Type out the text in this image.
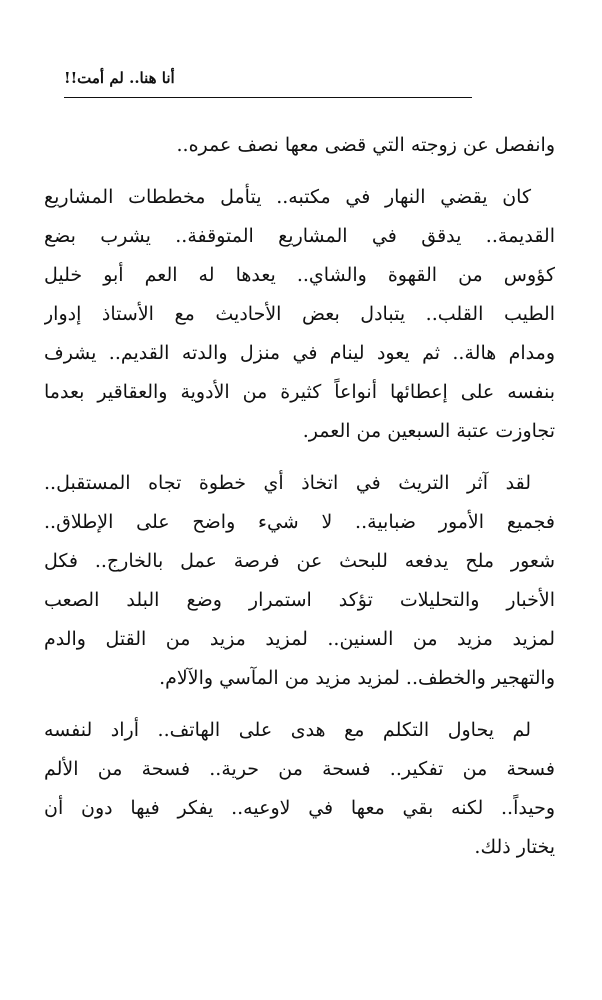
أنا هنا.. لم أمت!!
وانفصل عن زوجته التي قضى معها نصف عمره..
كان يقضي النهار في مكتبه.. يتأمل مخططات المشاريع
القديمة.. يدقق في المشاريع المتوقفة.. يشرب بضع
كؤوس من القهوة والشاي.. يعدها له العم أبو خليل
الطيب القلب.. يتبادل بعض الأحاديث مع الأستاذ إدوار
ومدام هالة.. ثم يعود لينام في منزل والدته القديم.. يشرف
بنفسه على إعطائها أنواعاً كثيرة من الأدوية والعقاقير بعدما
تجاوزت عتبة السبعين من العمر.
لقد آثر التريث في اتخاذ أي خطوة تجاه المستقبل..
فجميع الأمور ضبابية.. لا شيء واضح على الإطلاق..
شعور ملح يدفعه للبحث عن فرصة عمل بالخارج.. فكل
الأخبار والتحليلات تؤكد استمرار وضع البلد الصعب
لمزيد مزيد من السنين.. لمزيد مزيد من القتل والدم
والتهجير والخطف.. لمزيد مزيد من المآسي والآلام.
لم يحاول التكلم مع هدى على الهاتف.. أراد لنفسه
فسحة من تفكير.. فسحة من حرية.. فسحة من الألم
وحيداً.. لكنه بقي معها في لاوعيه.. يفكر فيها دون أن
يختار ذلك.
